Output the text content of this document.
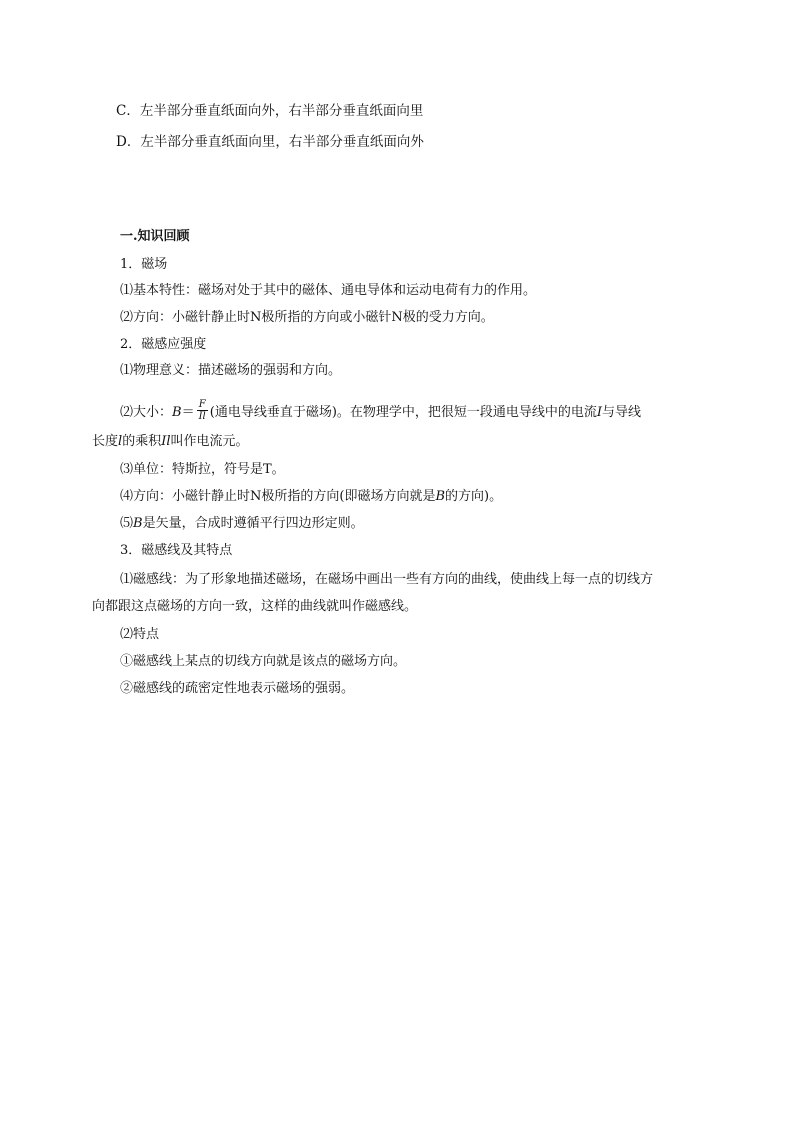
C．左半部分垂直纸面向外，右半部分垂直纸面向里
D．左半部分垂直纸面向里，右半部分垂直纸面向外
一.知识回顾
1．磁场
⑴基本特性：磁场对处于其中的磁体、通电导体和运动电荷有力的作用。
⑵方向：小磁针静止时N极所指的方向或小磁针N极的受力方向。
2．磁感应强度
⑴物理意义：描述磁场的强弱和方向。
⑵大小：$B= \frac{F}{Il}$ (通电导线垂直于磁场)。在物理学中，把很短一段通电导线中的电流I与导线
长度l的乘积Il叫作电流元。
⑶单位：特斯拉，符号是T。
⑷方向：小磁针静止时N极所指的方向(即磁场方向就是B的方向)。
⑸B是矢量，合成时遵循平行四边形定则。
3．磁感线及其特点
⑴磁感线：为了形象地描述磁场，在磁场中画出一些有方向的曲线，使曲线上每一点的切线方
向都跟这点磁场的方向一致，这样的曲线就叫作磁感线。
⑵特点
①磁感线上某点的切线方向就是该点的磁场方向。
②磁感线的疏密定性地表示磁场的强弱。
